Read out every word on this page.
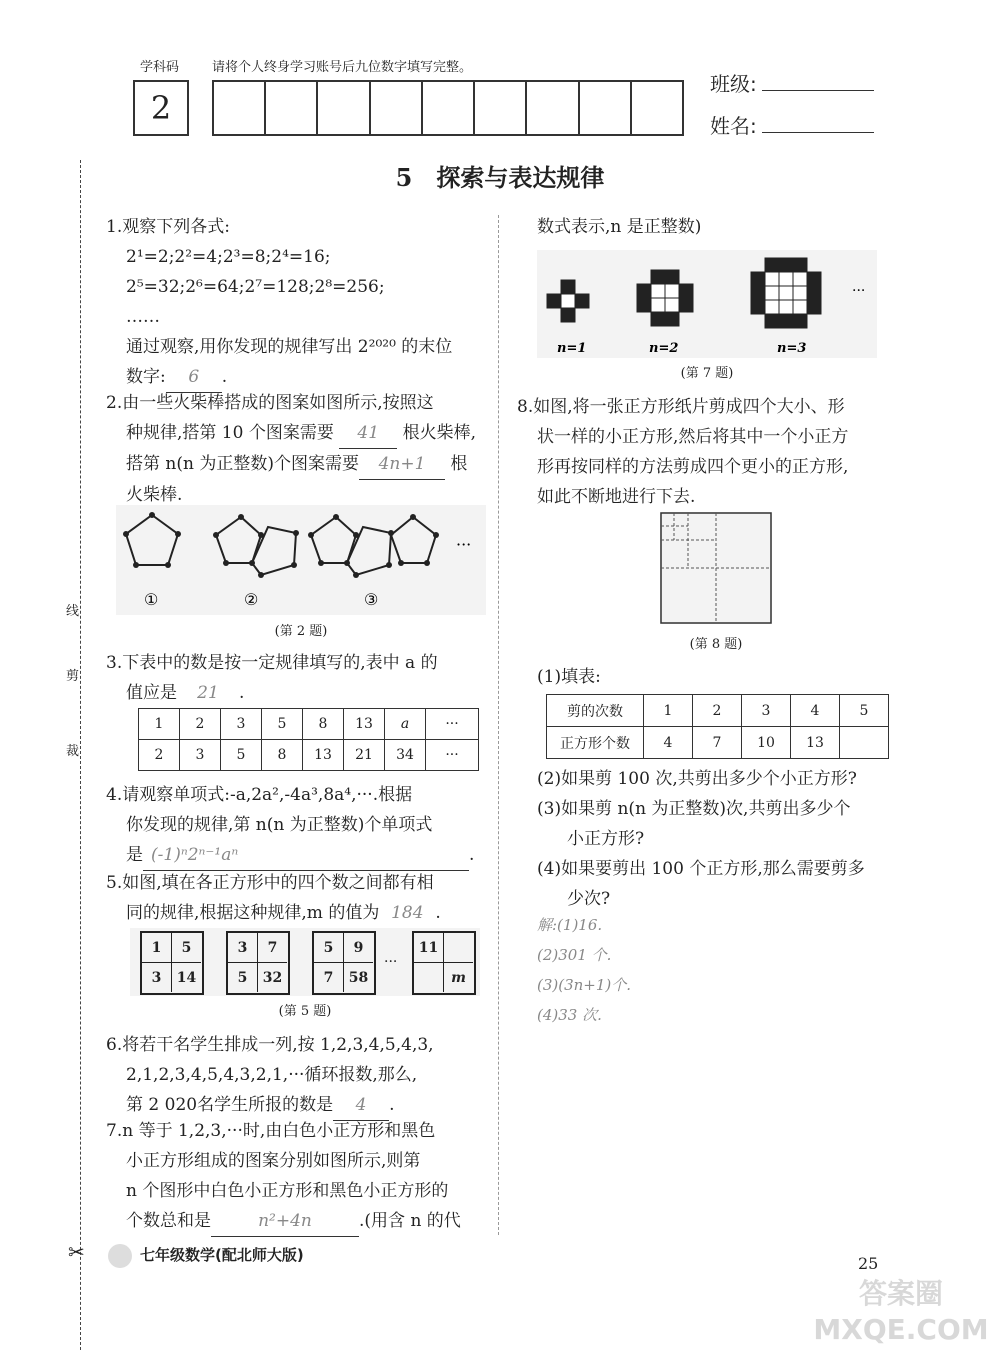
学科码	请将个人终身学习账号后九位数字填写完整。
2
班级:
姓名:
线
剪
裁
5　探索与表达规律
1.观察下列各式:
2¹=2;2²=4;2³=8;2⁴=16;
2⁵=32;2⁶=64;2⁷=128;2⁸=256;
……
通过观察,用你发现的规律写出 2²⁰²⁰ 的末位
数字: 6 .
2.由一些火柴棒搭成的图案如图所示,按照这
种规律,搭第 10 个图案需要 41 根火柴棒,
搭第 n(n 为正整数)个图案需要 4n+1 根
火柴棒.
···
①	②	③
(第 2 题)
3.下表中的数是按一定规律填写的,表中 a 的
值应是 21 .
1	2	3	5	8	13	a	···
2	3	5	8	13	21	34	···
4.请观察单项式:-a,2a²,-4a³,8a⁴,···.根据
你发现的规律,第 n(n 为正整数)个单项式
是 (-1)ⁿ2ⁿ⁻¹aⁿ	.
5.如图,填在各正方形中的四个数之间都有相
同的规律,根据这种规律,m 的值为 184 .
1	5
3	14
3	7
5	32
5	9
7	58
···
11
m
(第 5 题)
6.将若干名学生排成一列,按 1,2,3,4,5,4,3,
2,1,2,3,4,5,4,3,2,1,···循环报数,那么,
第 2 020名学生所报的数是 4 .
7.n 等于 1,2,3,···时,由白色小正方形和黑色
小正方形组成的图案分别如图所示,则第
n 个图形中白色小正方形和黑色小正方形的
个数总和是	n²+4n	.(用含 n 的代
✂	七年级数学(配北师大版)	25
答案圈 MXQE.COM
数式表示,n 是正整数)
···
n=1	n=2	n=3
(第 7 题)
8.如图,将一张正方形纸片剪成四个大小、形
状一样的小正方形,然后将其中一个小正方
形再按同样的方法剪成四个更小的正方形,
如此不断地进行下去.
(第 8 题)
(1)填表:
剪的次数	1	2	3	4	5
正方形个数	4	7	10	13	
(2)如果剪 100 次,共剪出多少个小正方形?
(3)如果剪 n(n 为正整数)次,共剪出多少个
小正方形?
(4)如果要剪出 100 个正方形,那么需要剪多
少次?
解:(1)16.
(2)301 个.
(3)(3n+1)个.
(4)33 次.
